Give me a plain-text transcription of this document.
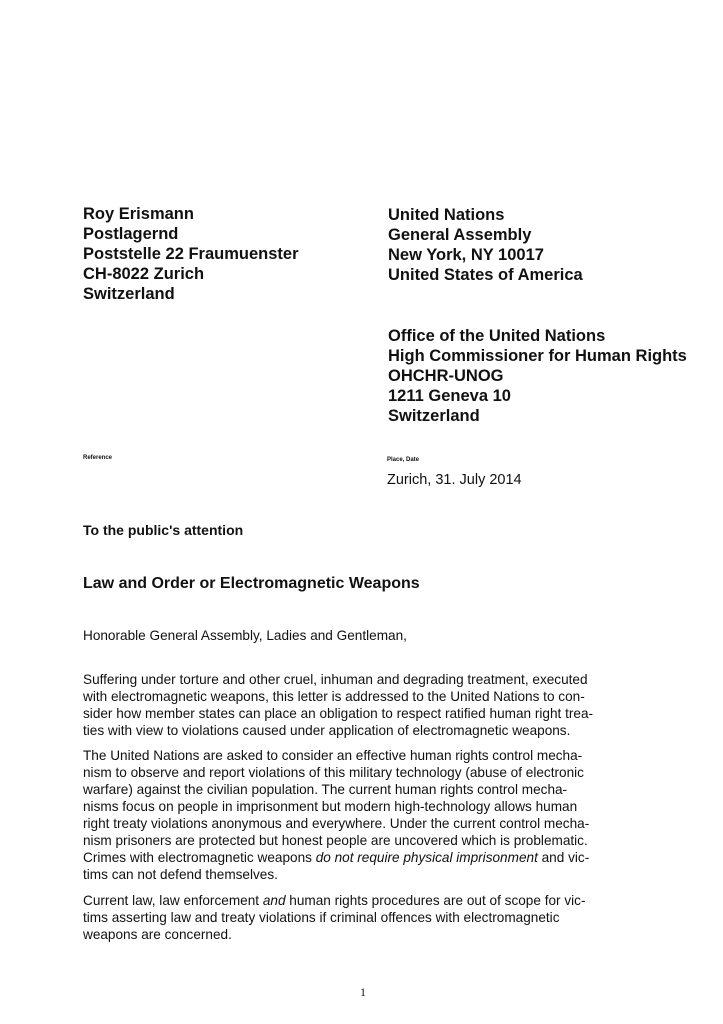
Roy Erismann
Postlagernd
Poststelle 22 Fraumuenster
CH-8022 Zurich
Switzerland
United Nations
General Assembly
New York, NY 10017
United States of America
Office of the United Nations
High Commissioner for Human Rights
OHCHR-UNOG
1211 Geneva 10
Switzerland
Reference	Place, Date
Zurich, 31. July 2014
To the public's attention
Law and Order or Electromagnetic Weapons
Honorable General Assembly, Ladies and Gentleman,
Suffering under torture and other cruel, inhuman and degrading treatment, executed
with electromagnetic weapons, this letter is addressed to the United Nations to con-
sider how member states can place an obligation to respect ratified human right trea-
ties with view to violations caused under application of electromagnetic weapons.
The United Nations are asked to consider an effective human rights control mecha-
nism to observe and report violations of this military technology (abuse of electronic
warfare) against the civilian population. The current human rights control mecha-
nisms focus on people in imprisonment but modern high-technology allows human
right treaty violations anonymous and everywhere. Under the current control mecha-
nism prisoners are protected but honest people are uncovered which is problematic.
Crimes with electromagnetic weapons do not require physical imprisonment and vic-
tims can not defend themselves.
Current law, law enforcement and human rights procedures are out of scope for vic-
tims asserting law and treaty violations if criminal offences with electromagnetic
weapons are concerned.
1
